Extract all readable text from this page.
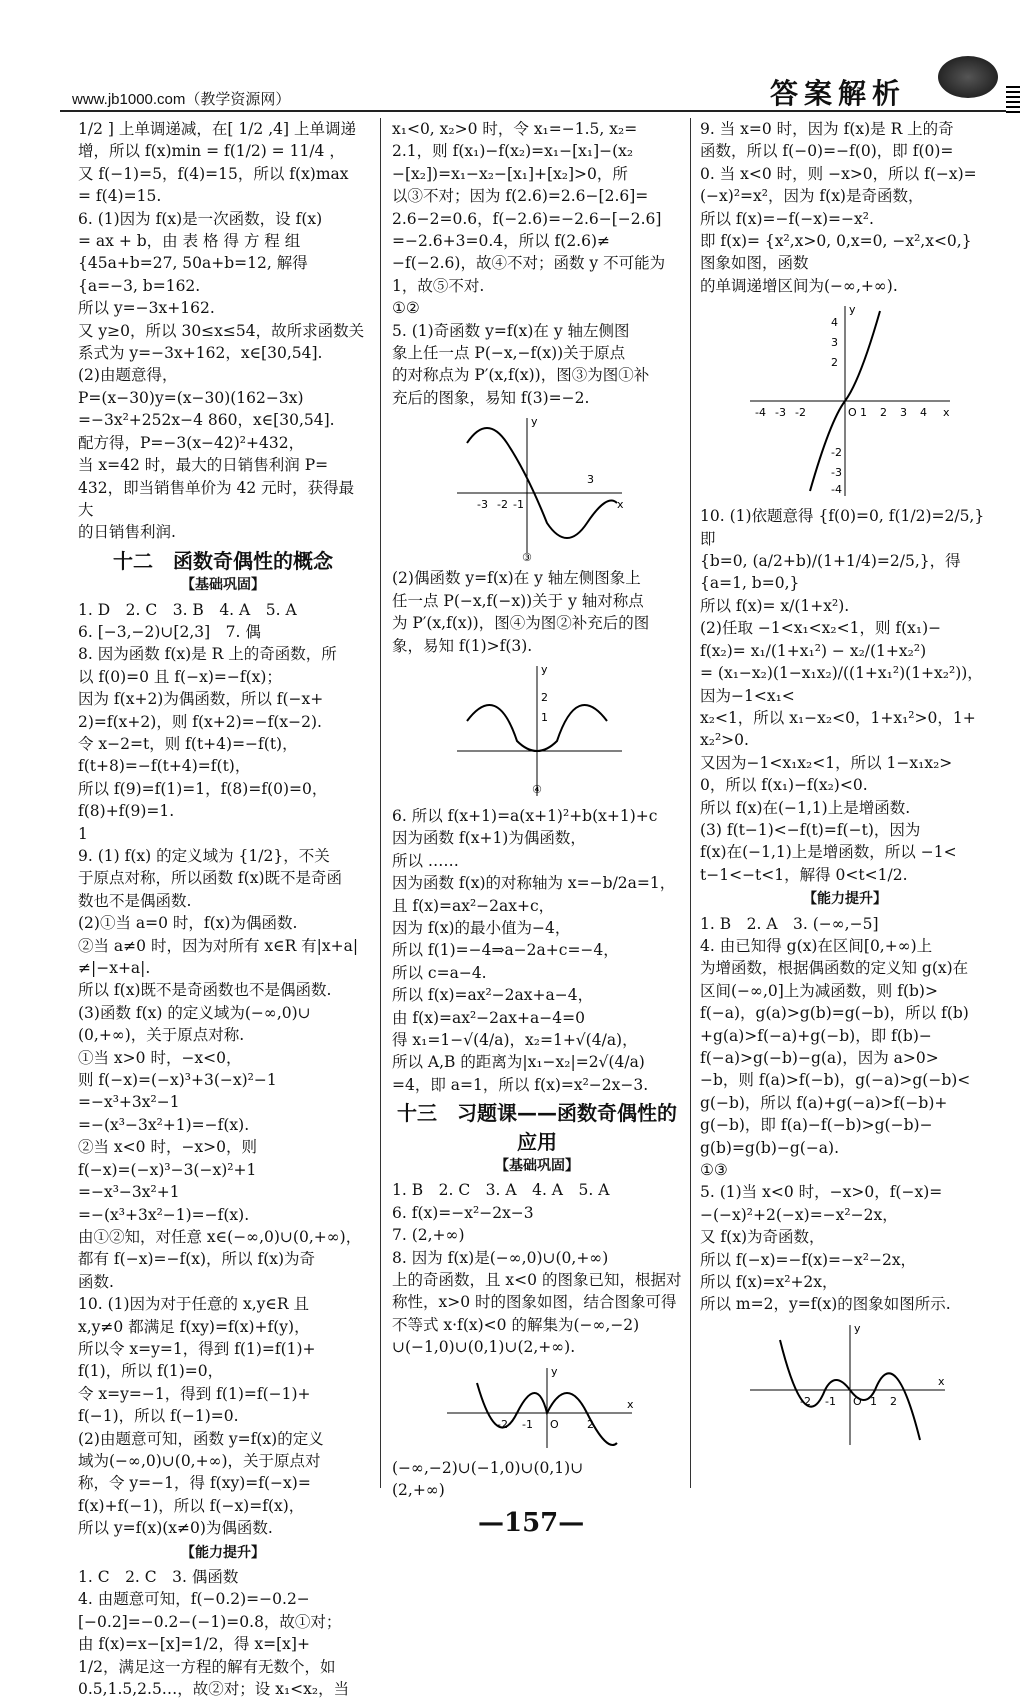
www.jb1000.com（教学资源网）	答案解析

1/2 ] 上单调递减，在[ 1/2 ,4] 上单调递

增，所以 f(x)min = f(1/2) = 11/4 ，

又 f(−1)=5，f(4)=15，所以 f(x)max

= f(4)=15.

6. (1)因为 f(x)是一次函数，设 f(x)

= ax + b，由 表 格 得 方 程 组

{45a+b=27, 50a+b=12, 解得 {a=−3, b=162.

所以 y=−3x+162.

又 y≥0，所以 30≤x≤54，故所求函数关

系式为 y=−3x+162，x∈[30,54].

(2)由题意得，

P=(x−30)y=(x−30)(162−3x)

=−3x²+252x−4 860，x∈[30,54].

配方得，P=−3(x−42)²+432，

当 x=42 时，最大的日销售利润 P=

432，即当销售单价为 42 元时，获得最大

的日销售利润.

十二　函数奇偶性的概念
【基础巩固】

1. D　2. C　3. B　4. A　5. A

6. [−3,−2)∪[2,3]　7. 偶

8. 因为函数 f(x)是 R 上的奇函数，所

以 f(0)=0 且 f(−x)=−f(x)；

因为 f(x+2)为偶函数，所以 f(−x+

2)=f(x+2)，则 f(x+2)=−f(x−2).

令 x−2=t，则 f(t+4)=−f(t)，

f(t+8)=−f(t+4)=f(t)，

所以 f(9)=f(1)=1，f(8)=f(0)=0，

f(8)+f(9)=1.

1

9. (1) f(x) 的定义域为 {1/2}，不关

于原点对称，所以函数 f(x)既不是奇函

数也不是偶函数.

(2)①当 a=0 时，f(x)为偶函数.

②当 a≠0 时，因为对所有 x∈R 有|x+a|

≠|−x+a|.

所以 f(x)既不是奇函数也不是偶函数.

(3)函数 f(x) 的定义域为(−∞,0)∪

(0,+∞)，关于原点对称.

①当 x>0 时，−x<0，

则 f(−x)=(−x)³+3(−x)²−1

=−x³+3x²−1

=−(x³−3x²+1)=−f(x).

②当 x<0 时，−x>0，则

f(−x)=(−x)³−3(−x)²+1

=−x³−3x²+1

=−(x³+3x²−1)=−f(x).

由①②知，对任意 x∈(−∞,0)∪(0,+∞)，

都有 f(−x)=−f(x)，所以 f(x)为奇

函数.

10. (1)因为对于任意的 x,y∈R 且

x,y≠0 都满足 f(xy)=f(x)+f(y)，

所以令 x=y=1，得到 f(1)=f(1)+

f(1)，所以 f(1)=0，

令 x=y=−1，得到 f(1)=f(−1)+

f(−1)，所以 f(−1)=0.

(2)由题意可知，函数 y=f(x)的定义

域为(−∞,0)∪(0,+∞)，关于原点对

称，令 y=−1，得 f(xy)=f(−x)=

f(x)+f(−1)，所以 f(−x)=f(x)，

所以 y=f(x)(x≠0)为偶函数.

【能力提升】

1. C　2. C　3. 偶函数

4. 由题意可知，f(−0.2)=−0.2−

[−0.2]=−0.2−(−1)=0.8，故①对；

由 f(x)=x−[x]=1/2，得 x=[x]+

1/2，满足这一方程的解有无数个，如

0.5,1.5,2.5…，故②对；设 x₁<x₂，当

x₁<0, x₂>0 时，令 x₁=−1.5, x₂=

2.1，则 f(x₁)−f(x₂)=x₁−[x₁]−(x₂

−[x₂])=x₁−x₂−[x₁]+[x₂]>0，所

以③不对；因为 f(2.6)=2.6−[2.6]=

2.6−2=0.6，f(−2.6)=−2.6−[−2.6]

=−2.6+3=0.4，所以 f(2.6)≠

−f(−2.6)，故④不对；函数 y 不可能为

1，故⑤不对.

①②

5. (1)奇函数 y=f(x)在 y 轴左侧图

象上任一点 P(−x,−f(x))关于原点

的对称点为 P′(x,f(x))，图③为图①补

充后的图象，易知 f(3)=−2.

-3 -2 -1
3
x
y
③

(2)偶函数 y=f(x)在 y 轴左侧图象上

任一点 P(−x,f(−x))关于 y 轴对称点

为 P′(x,f(x))，图④为图②补充后的图

象，易知 f(1)>f(3).

y
2
1
④

6. 所以 f(x+1)=a(x+1)²+b(x+1)+c

因为函数 f(x+1)为偶函数，

所以 ……

因为函数 f(x)的对称轴为 x=−b/2a=1，

且 f(x)=ax²−2ax+c，

因为 f(x)的最小值为−4，

所以 f(1)=−4⇒a−2a+c=−4，

所以 c=a−4.

所以 f(x)=ax²−2ax+a−4，

由 f(x)=ax²−2ax+a−4=0

得 x₁=1−√(4/a)，x₂=1+√(4/a)，

所以 A,B 的距离为|x₁−x₂|=2√(4/a)

=4，即 a=1，所以 f(x)=x²−2x−3.

十三　习题课——函数奇偶性的
应用
【基础巩固】

1. B　2. C　3. A　4. A　5. A

6. f(x)=−x²−2x−3

7. (2,+∞)

8. 因为 f(x)是(−∞,0)∪(0,+∞)

上的奇函数，且 x<0 的图象已知，根据对

称性，x>0 时的图象如图，结合图象可得

不等式 x·f(x)<0 的解集为(−∞,−2)

∪(−1,0)∪(0,1)∪(2,+∞).

-2 -1 O	2
y
x

(−∞,−2)∪(−1,0)∪(0,1)∪

(2,+∞)

9. 当 x=0 时，因为 f(x)是 R 上的奇

函数，所以 f(−0)=−f(0)，即 f(0)=

0. 当 x<0 时，则 −x>0，所以 f(−x)=

(−x)²=x²，因为 f(x)是奇函数，

所以 f(x)=−f(−x)=−x².

即 f(x)= {x²,x>0, 0,x=0, −x²,x<0,}　图象如图，函数

的单调递增区间为(−∞,+∞).

-4 -3 -2	O 1 2 3 4 x
4
3
2
-2
-3
-4
y

10. (1)依题意得 {f(0)=0, f(1/2)=2/5,} 即

{b=0, (a/2+b)/(1+1/4)=2/5,}，得 {a=1, b=0,}

所以 f(x)= x/(1+x²).

(2)任取 −1<x₁<x₂<1，则 f(x₁)−

f(x₂)= x₁/(1+x₁²) − x₂/(1+x₂²)

= (x₁−x₂)(1−x₁x₂)/((1+x₁²)(1+x₂²))，因为−1<x₁<

x₂<1，所以 x₁−x₂<0，1+x₁²>0，1+

x₂²>0.

又因为−1<x₁x₂<1，所以 1−x₁x₂>

0，所以 f(x₁)−f(x₂)<0.

所以 f(x)在(−1,1)上是增函数.

(3) f(t−1)<−f(t)=f(−t)，因为

f(x)在(−1,1)上是增函数，所以 −1<

t−1<−t<1，解得 0<t<1/2.

【能力提升】

1. B　2. A　3. (−∞,−5]

4. 由已知得 g(x)在区间[0,+∞)上

为增函数，根据偶函数的定义知 g(x)在

区间(−∞,0]上为减函数，则 f(b)>

f(−a)，g(a)>g(b)=g(−b)，所以 f(b)

+g(a)>f(−a)+g(−b)，即 f(b)−

f(−a)>g(−b)−g(a)，因为 a>0>

−b，则 f(a)>f(−b)，g(−a)>g(−b)<

g(−b)，所以 f(a)+g(−a)>f(−b)+

g(−b)，即 f(a)−f(−b)>g(−b)−

g(b)=g(b)−g(−a).

①③

5. (1)当 x<0 时，−x>0，f(−x)=

−(−x)²+2(−x)=−x²−2x，

又 f(x)为奇函数，

所以 f(−x)=−f(x)=−x²−2x，

所以 f(x)=x²+2x，

所以 m=2，y=f(x)的图象如图所示.

-2 -1 O 1 2
y
x
—157—
